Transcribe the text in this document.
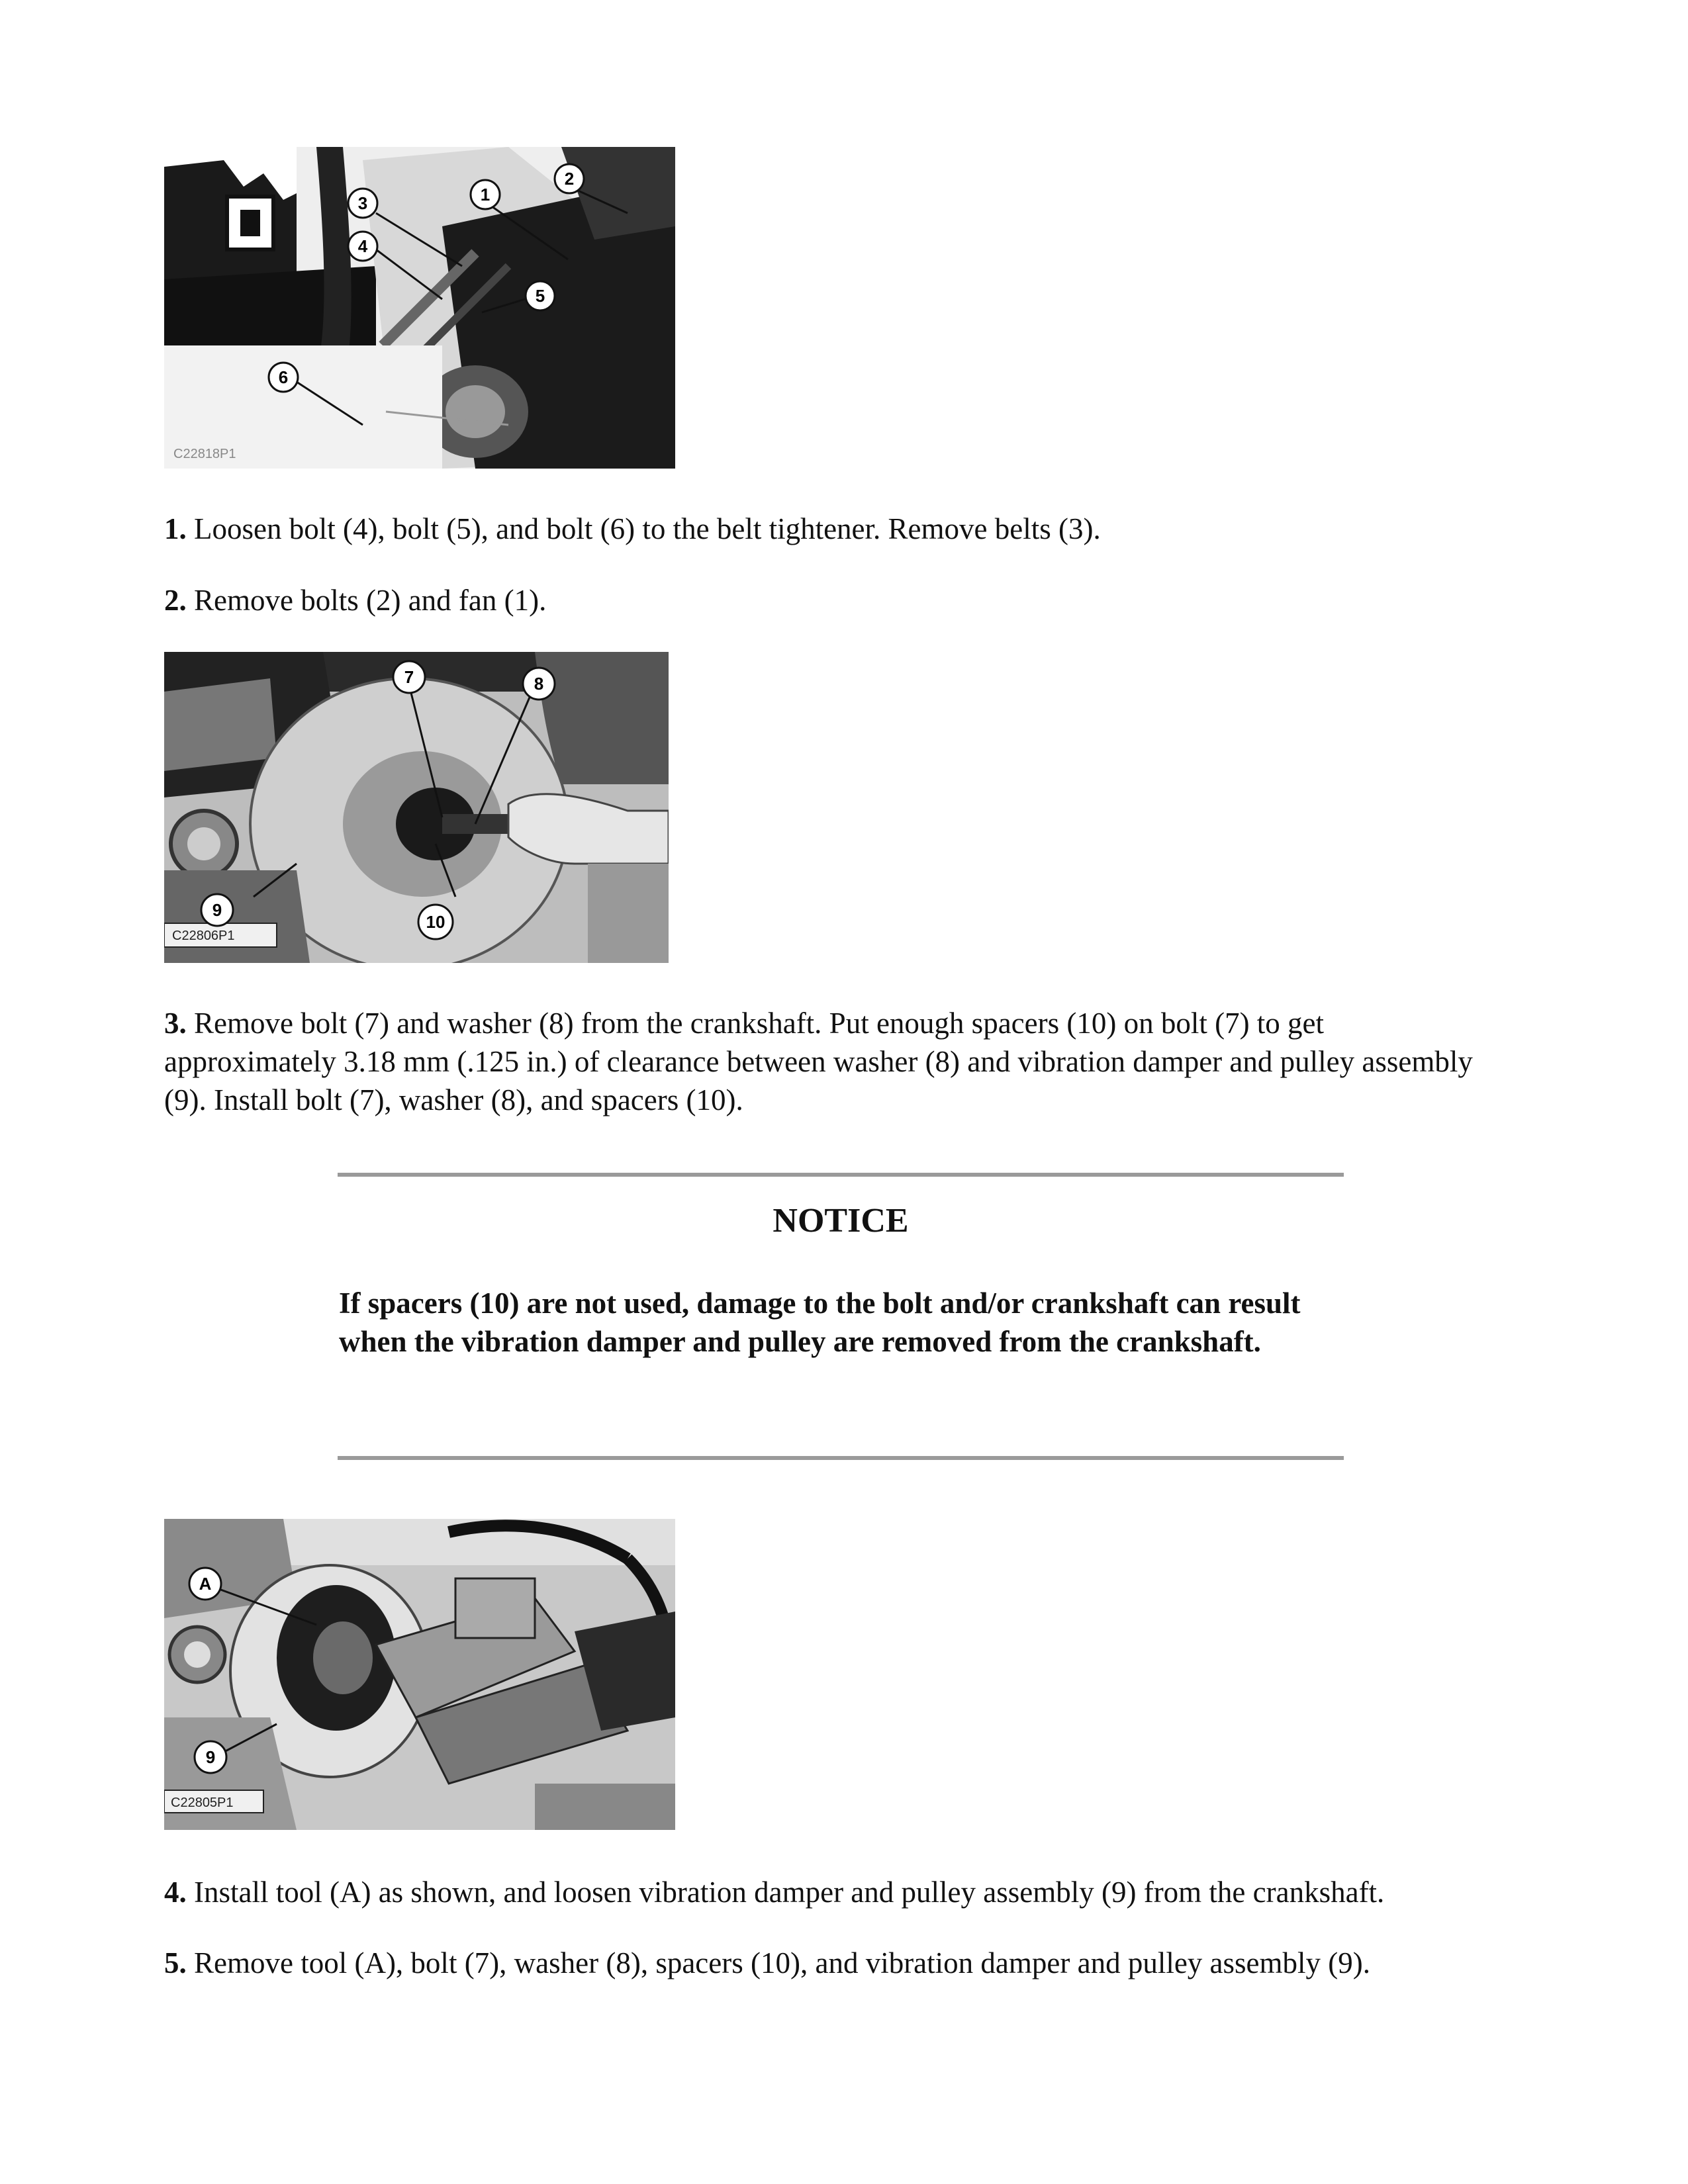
3	1
2
4
5
6
C22818P1

1. Loosen bolt (4), bolt (5), and bolt (6) to the belt tightener. Remove belts (3).

2. Remove bolts (2) and fan (1).

7	8
9
10
C22806P1

3. Remove bolt (7) and washer (8) from the crankshaft. Put enough spacers (10) on bolt (7) to get approximately 3.18 mm (.125 in.) of clearance between washer (8) and vibration damper and pulley assembly (9). Install bolt (7), washer (8), and spacers (10).

NOTICE

If spacers (10) are not used, damage to the bolt and/or crankshaft can result when the vibration damper and pulley are removed from the crankshaft.

A
9
C22805P1

4. Install tool (A) as shown, and loosen vibration damper and pulley assembly (9) from the crankshaft.

5. Remove tool (A), bolt (7), washer (8), spacers (10), and vibration damper and pulley assembly (9).
